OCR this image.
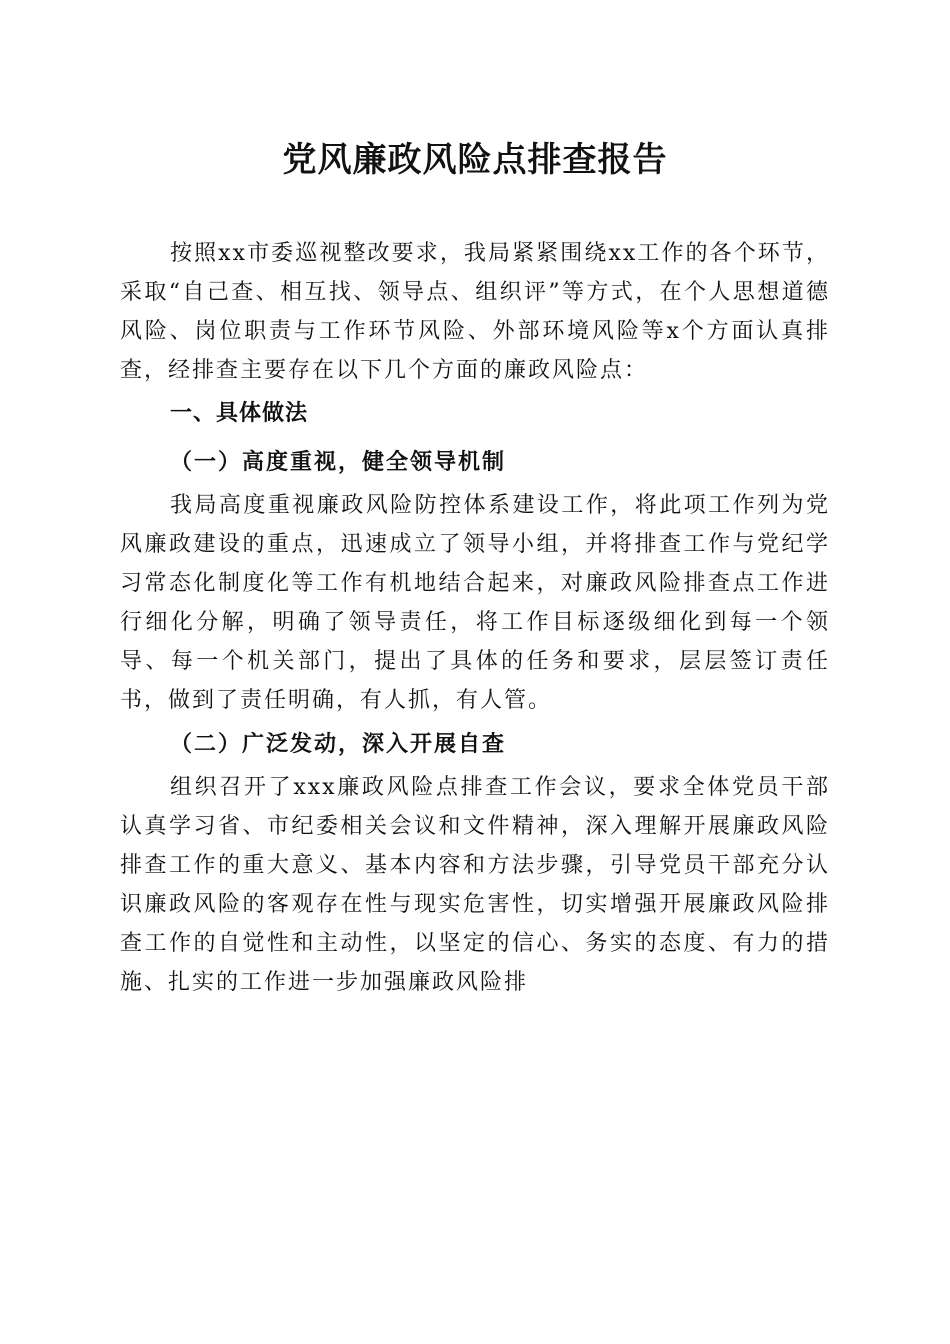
党风廉政风险点排查报告

按照xx市委巡视整改要求，我局紧紧围绕xx工作的各个环节，采取“自己查、相互找、领导点、组织评”等方式，在个人思想道德风险、岗位职责与工作环节风险、外部环境风险等x个方面认真排查，经排查主要存在以下几个方面的廉政风险点：

一、具体做法
（一）高度重视，健全领导机制

我局高度重视廉政风险防控体系建设工作，将此项工作列为党风廉政建设的重点，迅速成立了领导小组，并将排查工作与党纪学习常态化制度化等工作有机地结合起来，对廉政风险排查点工作进行细化分解，明确了领导责任，将工作目标逐级细化到每一个领导、每一个机关部门，提出了具体的任务和要求，层层签订责任书，做到了责任明确，有人抓，有人管。

（二）广泛发动，深入开展自查

组织召开了xxx廉政风险点排查工作会议，要求全体党员干部认真学习省、市纪委相关会议和文件精神，深入理解开展廉政风险排查工作的重大意义、基本内容和方法步骤，引导党员干部充分认识廉政风险的客观存在性与现实危害性，切实增强开展廉政风险排查工作的自觉性和主动性，以坚定的信心、务实的态度、有力的措施、扎实的工作进一步加强廉政风险排
